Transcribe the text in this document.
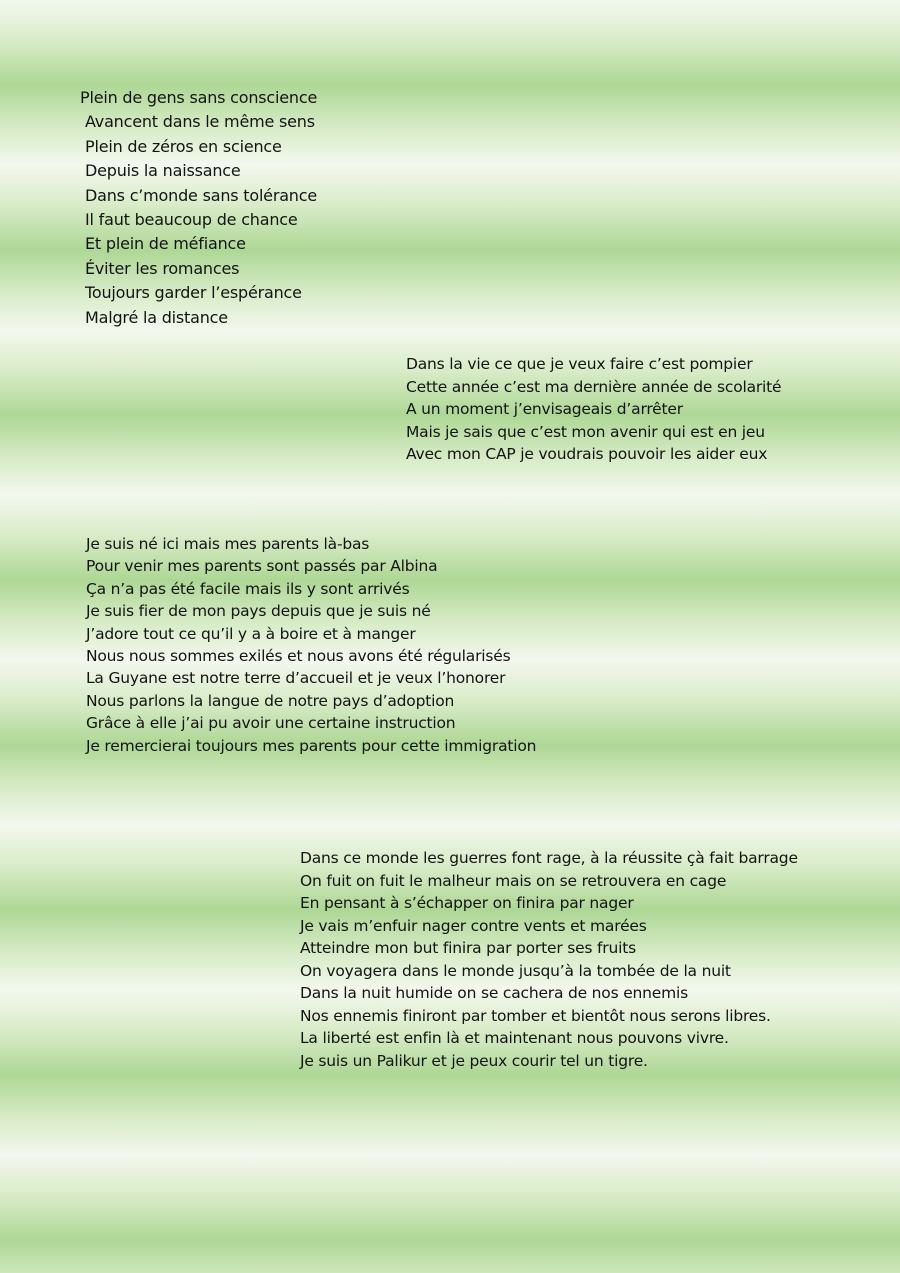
Plein de gens sans conscience
Avancent dans le même sens
Plein de zéros en science
Depuis la naissance
Dans c’monde sans tolérance
Il faut beaucoup de chance
Et plein de méfiance
Éviter les romances
Toujours garder l’espérance
Malgré la distance
Dans la vie ce que je veux faire c’est pompier
Cette année c’est ma dernière année de scolarité
A un moment j’envisageais d’arrêter
Mais je sais que c’est mon avenir qui est en jeu
Avec mon CAP je voudrais pouvoir les aider eux
Je suis né ici mais mes parents là-bas
Pour venir mes parents sont passés par Albina
Ça n’a pas été facile mais ils y sont arrivés
Je suis fier de mon pays depuis que je suis né
J’adore tout ce qu’il y a à boire et à manger
Nous nous sommes exilés et nous avons été régularisés
La Guyane est notre terre d’accueil et je veux l’honorer
Nous parlons la langue de notre pays d’adoption
Grâce à elle j’ai pu avoir une certaine instruction
Je remercierai toujours mes parents pour cette immigration
Dans ce monde les guerres font rage, à la réussite çà fait barrage
On fuit on fuit le malheur mais on se retrouvera en cage
En pensant à s’échapper on finira par nager
Je vais m’enfuir nager contre vents et marées
Atteindre mon but finira par porter ses fruits
On voyagera dans le monde jusqu’à la tombée de la nuit
Dans la nuit humide on se cachera de nos ennemis
Nos ennemis finiront par tomber et bientôt nous serons libres.
La liberté est enfin là et maintenant nous pouvons vivre.
Je suis un Palikur et je peux courir tel un tigre.
